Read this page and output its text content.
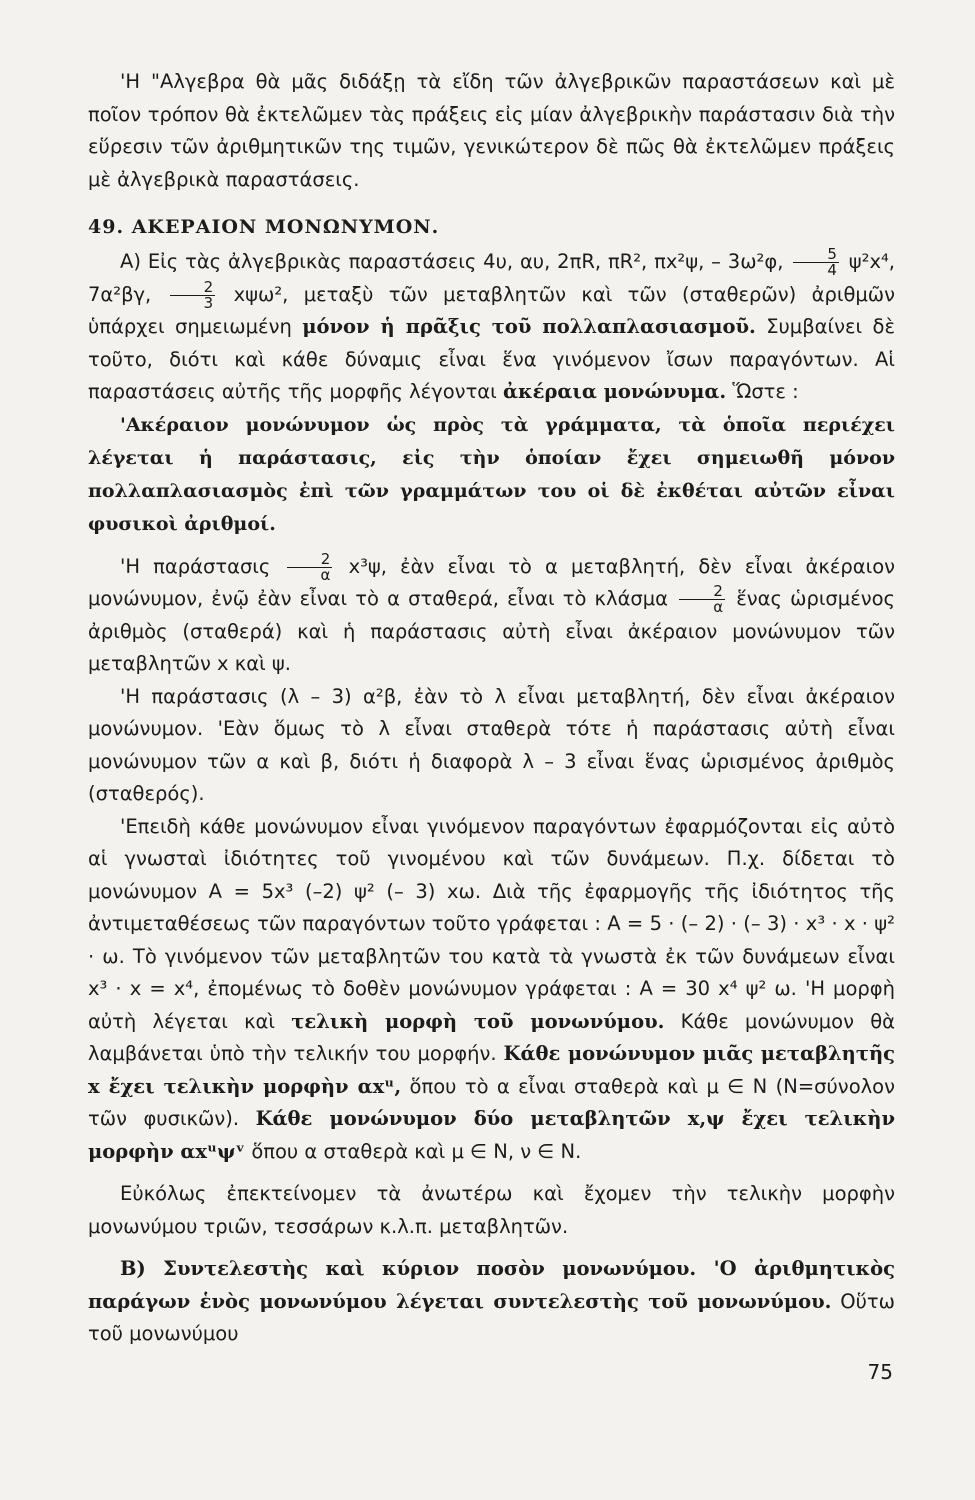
'Η "Αλγεβρα θὰ μᾶς διδάξῃ τὰ εἴδη τῶν ἀλγεβρικῶν παραστάσεων καὶ μὲ ποῖον τρόπον θὰ ἐκτελῶμεν τὰς πράξεις εἰς μίαν ἀλγεβρικὴν παράστασιν διὰ τὴν εὕρεσιν τῶν ἀριθμητικῶν της τιμῶν, γενικώτερον δὲ πῶς θὰ ἐκτελῶμεν πράξεις μὲ ἀλγεβρικὰ παραστάσεις.

49. ΑΚΕΡΑΙΟΝ ΜΟΝΩΝΥΜΟΝ.

Α) Εἰς τὰς ἀλγεβρικὰς παραστάσεις 4υ, αυ, 2πR, πR², πx²ψ, – 3ω²φ, $\frac{5}{4} \psi^2x^4$, 7α²βγ, $\frac{2}{3} x\psi\omega^2$, μεταξὺ τῶν μεταβλητῶν καὶ τῶν (σταθερῶν) ἀριθμῶν ὑπάρχει σημειωμένη μόνον ἡ πρᾶξις τοῦ πολλαπλασιασμοῦ. Συμβαίνει δὲ τοῦτο, διότι καὶ κάθε δύναμις εἶναι ἕνα γινόμενον ἴσων παραγόντων. Αἱ παραστάσεις αὐτῆς τῆς μορφῆς λέγονται ἀκέραια μονώνυμα. Ὥστε :

'Ακέραιον μονώνυμον ὡς πρὸς τὰ γράμματα, τὰ ὁποῖα περιέχει λέγεται ἡ παράστασις, εἰς τὴν ὁποίαν ἔχει σημειωθῆ μόνον πολλαπλασιασμὸς ἐπὶ τῶν γραμμάτων του οἱ δὲ ἐκθέται αὐτῶν εἶναι φυσικοὶ ἀριθμοί.

'Η παράστασις $\frac{2}{\alpha} x^3\psi$, ἐὰν εἶναι τὸ α μεταβλητή, δὲν εἶναι ἀκέραιον μονώνυμον, ἐνῷ ἐὰν εἶναι τὸ α σταθερά, εἶναι τὸ κλάσμα $\frac{2}{\alpha}$ ἕνας ὡρισμένος ἀριθμὸς (σταθερά) καὶ ἡ παράστασις αὐτὴ εἶναι ἀκέραιον μονώνυμον τῶν μεταβλητῶν x καὶ ψ.

'Η παράστασις (λ – 3) α²β, ἐὰν τὸ λ εἶναι μεταβλητή, δὲν εἶναι ἀκέραιον μονώνυμον. 'Εὰν ὅμως τὸ λ εἶναι σταθερὰ τότε ἡ παράστασις αὐτὴ εἶναι μονώνυμον τῶν α καὶ β, διότι ἡ διαφορὰ λ – 3 εἶναι ἕνας ὡρισμένος ἀριθμὸς (σταθερός).

'Επειδὴ κάθε μονώνυμον εἶναι γινόμενον παραγόντων ἐφαρμόζονται εἰς αὐτὸ αἱ γνωσταὶ ἰδιότητες τοῦ γινομένου καὶ τῶν δυνάμεων. Π.χ. δίδεται τὸ μονώνυμον Α = 5x³ (–2) ψ² (– 3) xω. Διὰ τῆς ἐφαρμογῆς τῆς ἰδιότητος τῆς ἀντιμεταθέσεως τῶν παραγόντων τοῦτο γράφεται : Α = 5 · (– 2) · (– 3) · x³ · x · ψ² · ω. Τὸ γινόμενον τῶν μεταβλητῶν του κατὰ τὰ γνωστὰ ἐκ τῶν δυνάμεων εἶναι x³ · x = x⁴, ἐπομένως τὸ δοθὲν μονώνυμον γράφεται : Α = 30 x⁴ ψ² ω. 'Η μορφὴ αὐτὴ λέγεται καὶ τελικὴ μορφὴ τοῦ μονωνύμου. Κάθε μονώνυμον θὰ λαμβάνεται ὑπὸ τὴν τελικήν του μορφήν. Κάθε μονώνυμον μιᾶς μεταβλητῆς x ἔχει τελικὴν μορφὴν αxᵘ, ὅπου τὸ α εἶναι σταθερὰ καὶ μ ∈ Ν (Ν=σύνολον τῶν φυσικῶν). Κάθε μονώνυμον δύο μεταβλητῶν x,ψ ἔχει τελικὴν μορφὴν αxᵘψᵛ ὅπου α σταθερὰ καὶ μ ∈ Ν, ν ∈ Ν.

Εὐκόλως ἐπεκτείνομεν τὰ ἀνωτέρω καὶ ἔχομεν τὴν τελικὴν μορφὴν μονωνύμου τριῶν, τεσσάρων κ.λ.π. μεταβλητῶν.

Β) Συντελεστὴς καὶ κύριον ποσὸν μονωνύμου. 'Ο ἀριθμητικὸς παράγων ἑνὸς μονωνύμου λέγεται συντελεστὴς τοῦ μονωνύμου. Οὕτω τοῦ μονωνύμου

75
